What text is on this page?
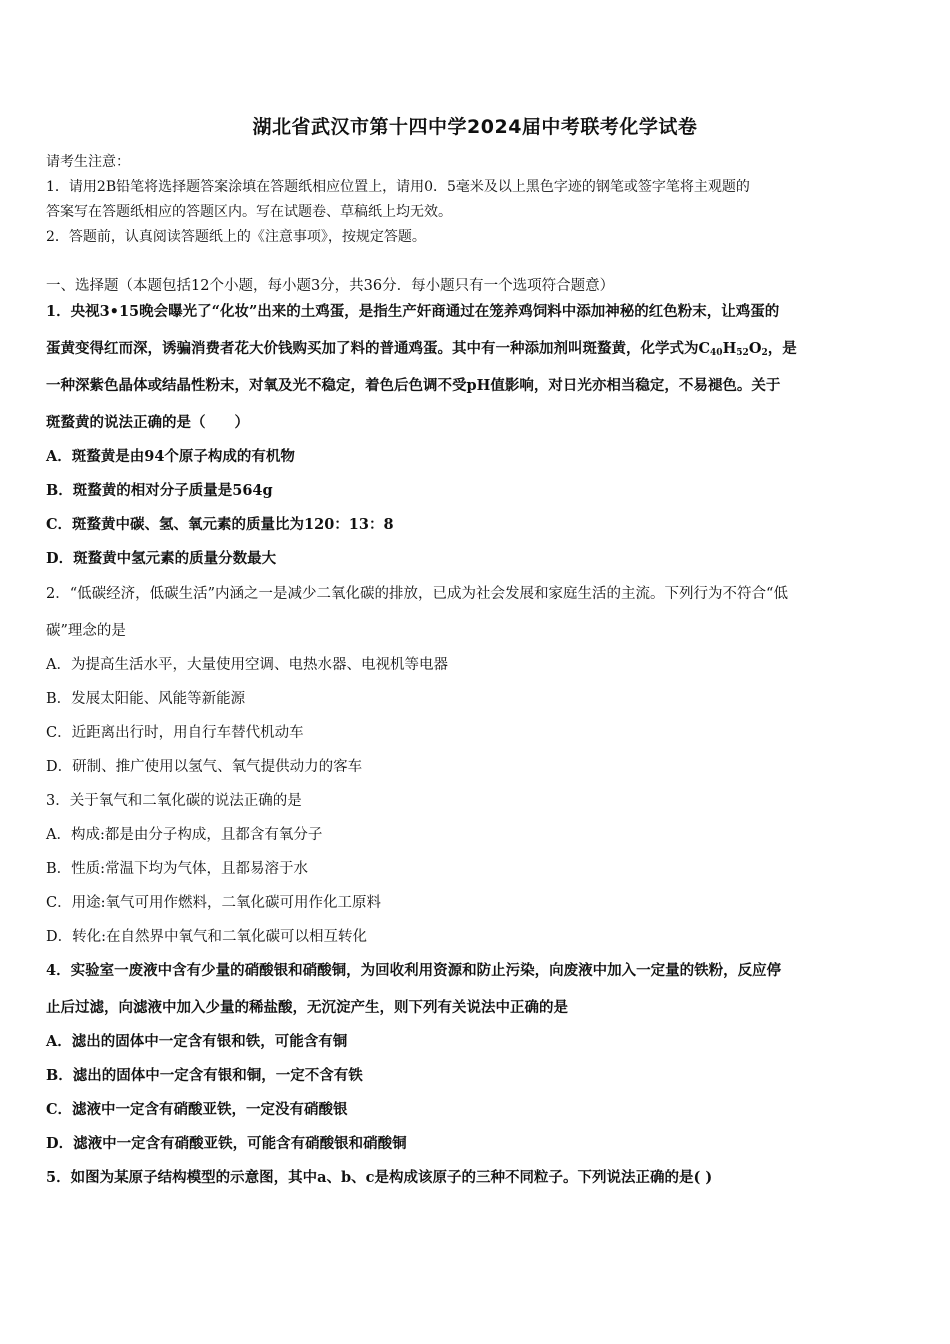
湖北省武汉市第十四中学2024届中考联考化学试卷
请考生注意：
1．请用2B铅笔将选择题答案涂填在答题纸相应位置上，请用0．5毫米及以上黑色字迹的钢笔或签字笔将主观题的
答案写在答题纸相应的答题区内。写在试题卷、草稿纸上均无效。
2．答题前，认真阅读答题纸上的《注意事项》，按规定答题。
一、选择题（本题包括12个小题，每小题3分，共36分．每小题只有一个选项符合题意）
1．央视3•15晚会曝光了“化妆”出来的土鸡蛋，是指生产奸商通过在笼养鸡饲料中添加神秘的红色粉末，让鸡蛋的
蛋黄变得红而深，诱骗消费者花大价钱购买加了料的普通鸡蛋。其中有一种添加剂叫斑蝥黄，化学式为$C_{40}H_{52}O_2$，是
一种深紫色晶体或结晶性粉末，对氧及光不稳定，着色后色调不受pH值影响，对日光亦相当稳定，不易褪色。关于
斑蝥黄的说法正确的是（　　）
A．斑蝥黄是由94个原子构成的有机物
B．斑蝥黄的相对分子质量是564g
C．斑蝥黄中碳、氢、氧元素的质量比为120：13：8
D．斑蝥黄中氢元素的质量分数最大
2．“低碳经济，低碳生活”内涵之一是减少二氧化碳的排放，已成为社会发展和家庭生活的主流。下列行为不符合“低
碳”理念的是
A．为提高生活水平，大量使用空调、电热水器、电视机等电器
B．发展太阳能、风能等新能源
C．近距离出行时，用自行车替代机动车
D．研制、推广使用以氢气、氧气提供动力的客车
3．关于氧气和二氧化碳的说法正确的是
A．构成:都是由分子构成，且都含有氧分子
B．性质:常温下均为气体，且都易溶于水
C．用途:氧气可用作燃料，二氧化碳可用作化工原料
D．转化:在自然界中氧气和二氧化碳可以相互转化
4．实验室一废液中含有少量的硝酸银和硝酸铜，为回收利用资源和防止污染，向废液中加入一定量的铁粉，反应停
止后过滤，向滤液中加入少量的稀盐酸，无沉淀产生，则下列有关说法中正确的是
A．滤出的固体中一定含有银和铁，可能含有铜
B．滤出的固体中一定含有银和铜，一定不含有铁
C．滤液中一定含有硝酸亚铁，一定没有硝酸银
D．滤液中一定含有硝酸亚铁，可能含有硝酸银和硝酸铜
5．如图为某原子结构模型的示意图，其中a、b、c是构成该原子的三种不同粒子。下列说法正确的是( )
